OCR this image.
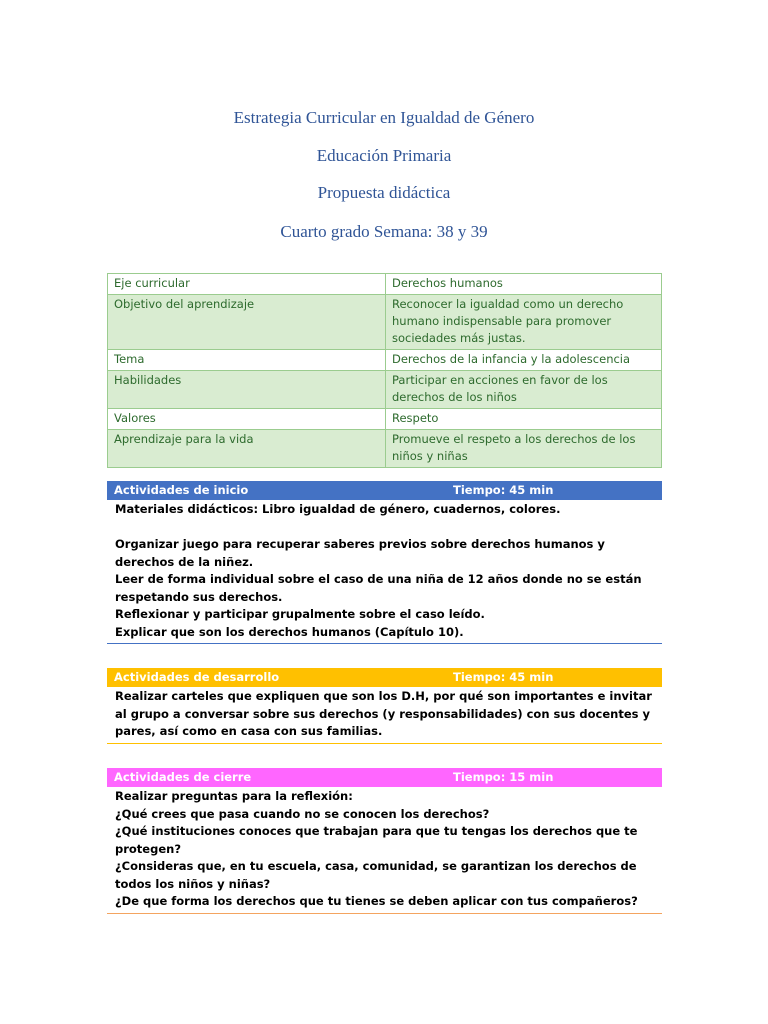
Estrategia Curricular en Igualdad de Género
Educación Primaria
Propuesta didáctica
Cuarto grado Semana: 38 y 39
Eje curricular	Derechos humanos
Objetivo del aprendizaje	Reconocer la igualdad como un derecho humano indispensable para promover sociedades más justas.
Tema	Derechos de la infancia y la adolescencia
Habilidades	Participar en acciones en favor de los derechos de los niños
Valores	Respeto
Aprendizaje para la vida	Promueve el respeto a los derechos de los niños y niñas
Actividades de inicio	Tiempo: 45 min

Materiales didácticos: Libro igualdad de género, cuadernos, colores.

Organizar juego para recuperar saberes previos sobre derechos humanos y derechos de la niñez.

Leer de forma individual sobre el caso de una niña de 12 años donde no se están respetando sus derechos.

Reflexionar y participar grupalmente sobre el caso leído.

Explicar que son los derechos humanos (Capítulo 10).

Actividades de desarrollo	Tiempo: 45 min

Realizar carteles que expliquen que son los D.H, por qué son importantes e invitar al grupo a conversar sobre sus derechos (y responsabilidades) con sus docentes y pares, así como en casa con sus familias.

Actividades de cierre	Tiempo: 15 min

Realizar preguntas para la reflexión:

¿Qué crees que pasa cuando no se conocen los derechos?

¿Qué instituciones conoces que trabajan para que tu tengas los derechos que te protegen?

¿Consideras que, en tu escuela, casa, comunidad, se garantizan los derechos de todos los niños y niñas?

¿De que forma los derechos que tu tienes se deben aplicar con tus compañeros?
